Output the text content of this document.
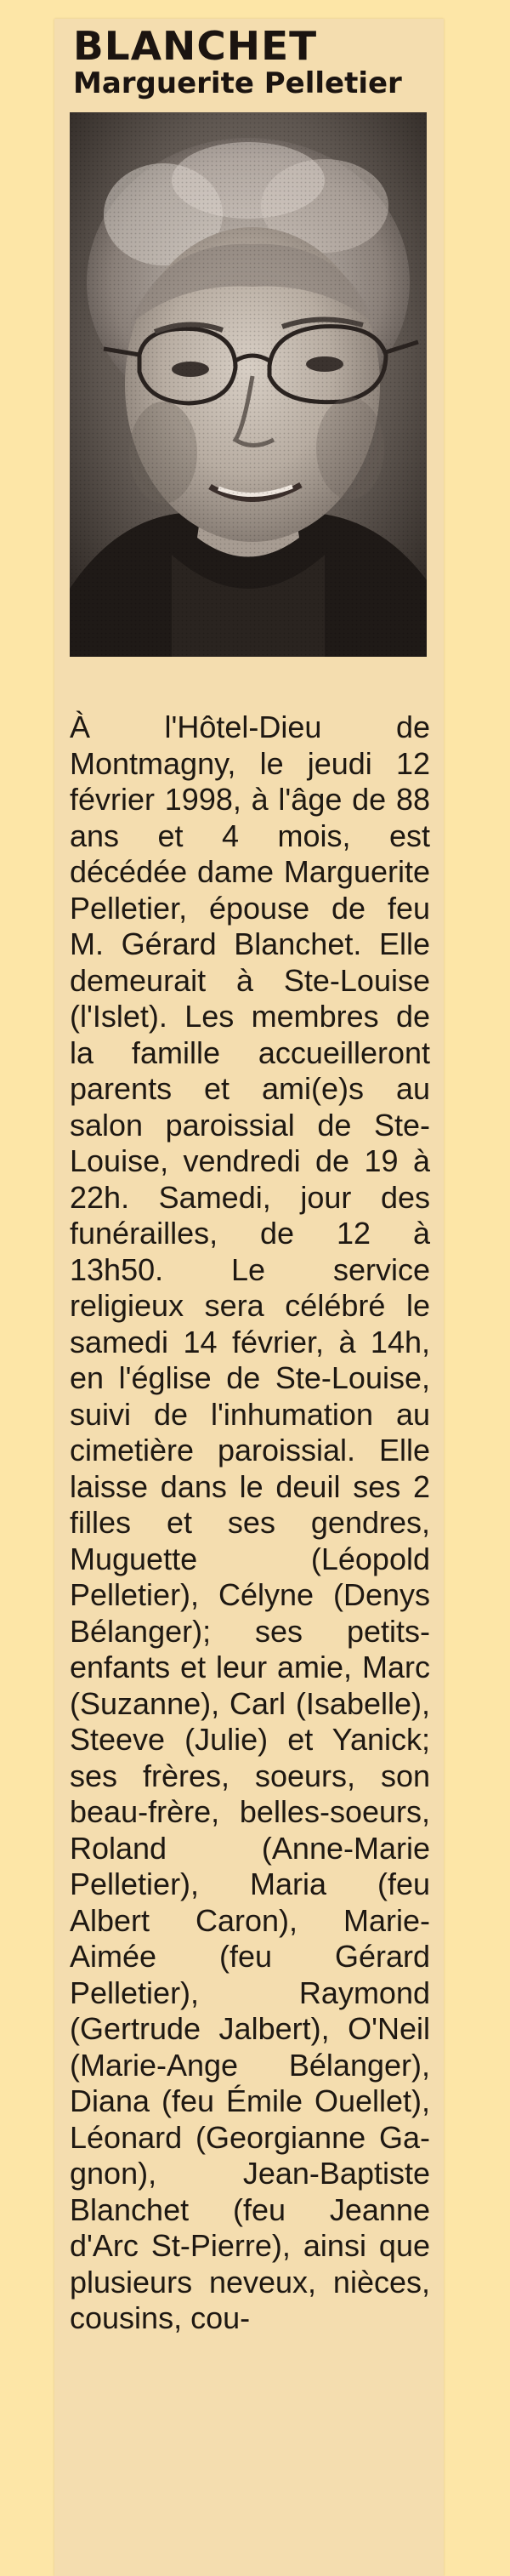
BLANCHET
Marguerite Pelletier

À l'Hôtel-Dieu de Montmagny, le jeudi 12 février 1998, à l'âge de 88 ans et 4 mois, est décédée dame Marguerite Pelletier, épouse de feu M. Gérard Blanchet. Elle demeurait à Ste-Louise (l'Islet). Les membres de la famille accueilleront parents et ami(e)s au salon paroissial de Ste-Louise, vendredi de 19 à 22h. Samedi, jour des funérailles, de 12 à 13h50. Le service religieux sera célébré le samedi 14 février, à 14h, en l'église de Ste-Louise, suivi de l'inhumation au cimetière paroissial. Elle laisse dans le deuil ses 2 filles et ses gendres, Muguette (Léopold Pelletier), Célyne (Denys Bélanger); ses petits-enfants et leur amie, Marc (Suzanne), Carl (Isabelle), Steeve (Julie) et Yanick; ses frères, soeurs, son beau-frère, belles-soeurs, Roland (Anne-Marie Pelletier), Maria (feu Albert Caron), Marie-Aimée (feu Gérard Pelletier), Raymond (Gertrude Jalbert), O'Neil (Marie-Ange Bélanger), Diana (feu Émile Ouellet), Léonard (Georgianne Gagnon), Jean-Baptiste Blanchet (feu Jeanne d'Arc St-Pierre), ainsi que plusieurs neveux, nièces, cousins, cou-
